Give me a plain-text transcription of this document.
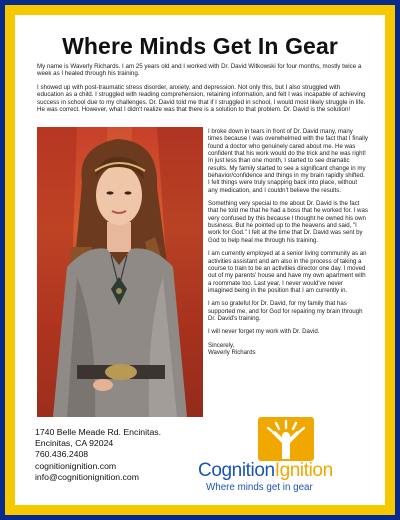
Where Minds Get In Gear

My name is Waverly Richards. I am 25 years old and I worked with Dr. David Witkowski for four months, mostly twice a week as I healed through his training.

I showed up with post-traumatic stress disorder, anxiety, and depression. Not only this, but I also struggled with education as a child. I struggled with reading comprehension, retaining information, and felt I was incapable of achieving success in school due to my challenges. Dr. David told me that if I struggled in school, I would most likely struggle in life. He was correct. However, what I didn't realize was that there is a solution to that problem. Dr. David is the solution!

I broke down in tears in front of Dr. David many, many times because I was overwhelmed with the fact that I finally found a doctor who genuinely cared about me. He was confident that his work would do the trick and he was right! In just less than one month, I started to see dramatic results. My family started to see a significant change in my behavior/confidence and things in my brain rapidly shifted. I felt things were truly snapping back into place, without any medication, and I couldn't believe the results.

Something very special to me about Dr. David is the fact that he told me that he had a boss that he worked for. I was very confused by this because I thought he owned his own business. But he pointed up to the heavens and said, "I work for God." I felt at the time that Dr. David was sent by God to help heal me through his training.

I am currently employed at a senior living community as an activities assistant and am also in the process of taking a course to train to be an activities director one day. I moved out of my parents' house and have my own apartment with a roommate too. Last year, I never would've never imagined being in the position that I am currently in.

I am so grateful for Dr. David, for my family that has supported me, and for God for repairing my brain through Dr. David's training.

I will never forget my work with Dr. David.

Sincerely,
Waverly Richards

1740 Belle Meade Rd. Encinitas.
Encinitas, CA 92024
760.436.2408
cognitionignition.com
info@cognitionignition.com	CognitionIgnition
Where minds get in gear
